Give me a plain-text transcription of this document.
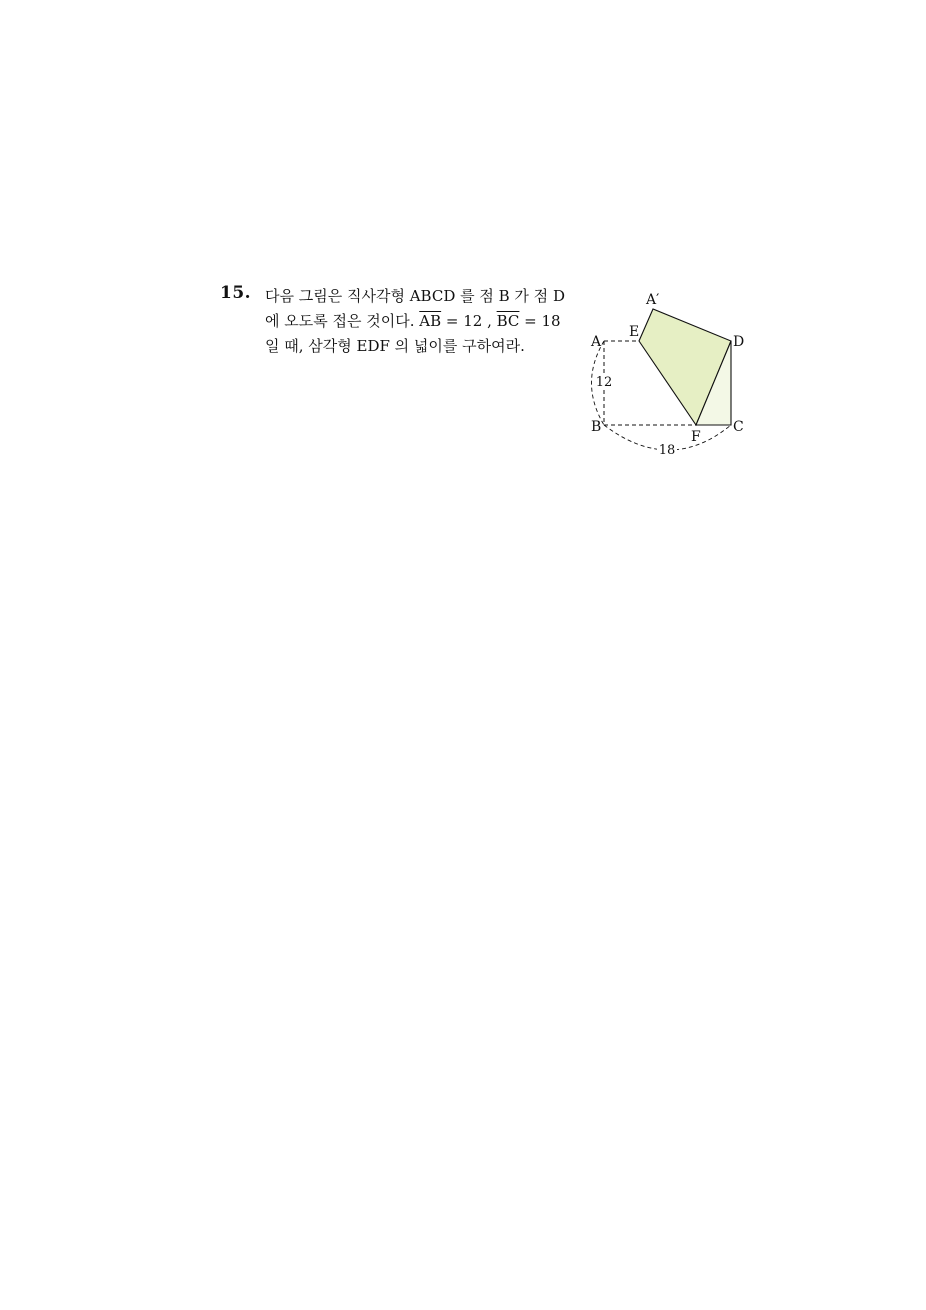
15. 다음 그림은 직사각형 ABCD 를 점 B 가 점 D
에 오도록 접은 것이다. $\overline{AB} = 12$ , $\overline{BC} = 18$
일 때, 삼각형 EDF 의 넓이를 구하여라.
12
18
A′
A
E
D
B
F
C
